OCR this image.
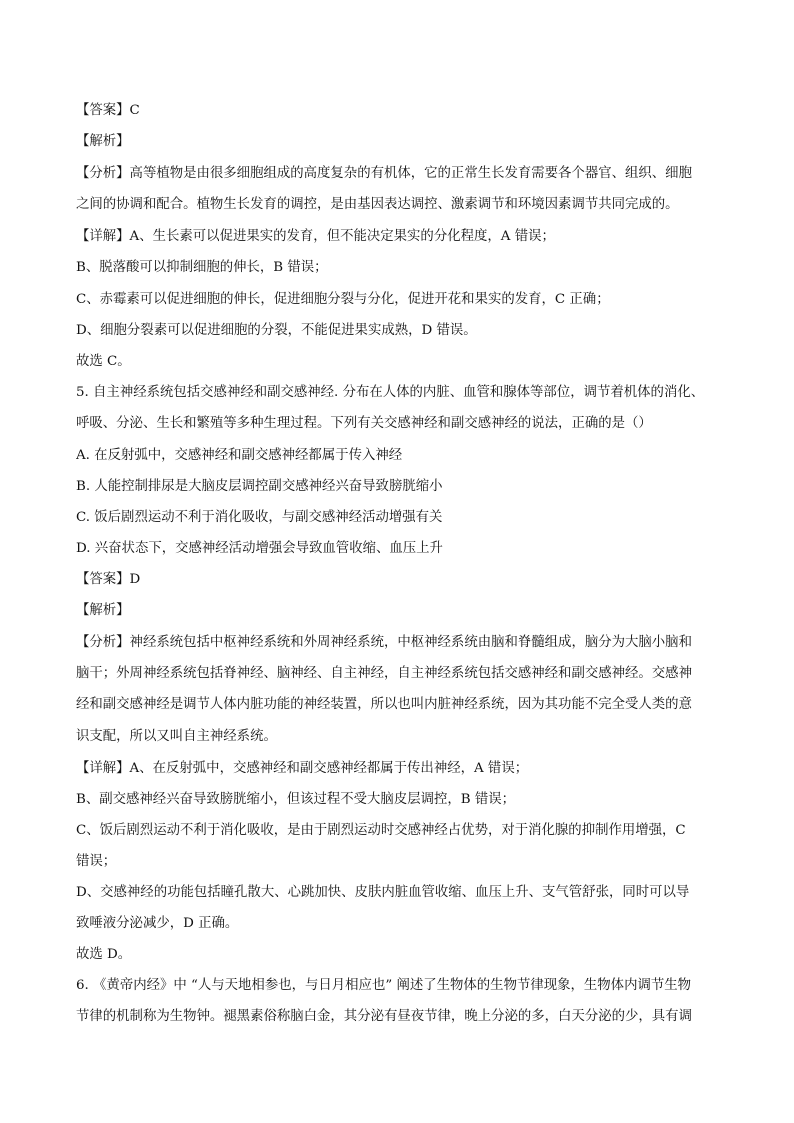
【答案】C
【解析】
【分析】高等植物是由很多细胞组成的高度复杂的有机体，它的正常生长发育需要各个器官、组织、细胞
之间的协调和配合。植物生长发育的调控，是由基因表达调控、激素调节和环境因素调节共同完成的。
【详解】A、生长素可以促进果实的发育，但不能决定果实的分化程度，A 错误；
B、脱落酸可以抑制细胞的伸长，B 错误；
C、赤霉素可以促进细胞的伸长，促进细胞分裂与分化，促进开花和果实的发育，C 正确；
D、细胞分裂素可以促进细胞的分裂，不能促进果实成熟，D 错误。
故选 C。
5. 自主神经系统包括交感神经和副交感神经. 分布在人体的内脏、血管和腺体等部位，调节着机体的消化、
呼吸、分泌、生长和繁殖等多种生理过程。下列有关交感神经和副交感神经的说法，正确的是（）
A. 在反射弧中，交感神经和副交感神经都属于传入神经
B. 人能控制排尿是大脑皮层调控副交感神经兴奋导致膀胱缩小
C. 饭后剧烈运动不利于消化吸收，与副交感神经活动增强有关
D. 兴奋状态下，交感神经活动增强会导致血管收缩、血压上升
【答案】D
【解析】
【分析】神经系统包括中枢神经系统和外周神经系统，中枢神经系统由脑和脊髓组成，脑分为大脑小脑和
脑干；外周神经系统包括脊神经、脑神经、自主神经，自主神经系统包括交感神经和副交感神经。交感神
经和副交感神经是调节人体内脏功能的神经装置，所以也叫内脏神经系统，因为其功能不完全受人类的意
识支配，所以又叫自主神经系统。
【详解】A、在反射弧中，交感神经和副交感神经都属于传出神经，A 错误；
B、副交感神经兴奋导致膀胱缩小，但该过程不受大脑皮层调控，B 错误；
C、饭后剧烈运动不利于消化吸收，是由于剧烈运动时交感神经占优势，对于消化腺的抑制作用增强，C
错误；
D、交感神经的功能包括瞳孔散大、心跳加快、皮肤内脏血管收缩、血压上升、支气管舒张，同时可以导
致唾液分泌减少，D 正确。
故选 D。
6. 《黄帝内经》中 “人与天地相参也，与日月相应也” 阐述了生物体的生物节律现象，生物体内调节生物
节律的机制称为生物钟。褪黑素俗称脑白金，其分泌有昼夜节律，晚上分泌的多，白天分泌的少，具有调
